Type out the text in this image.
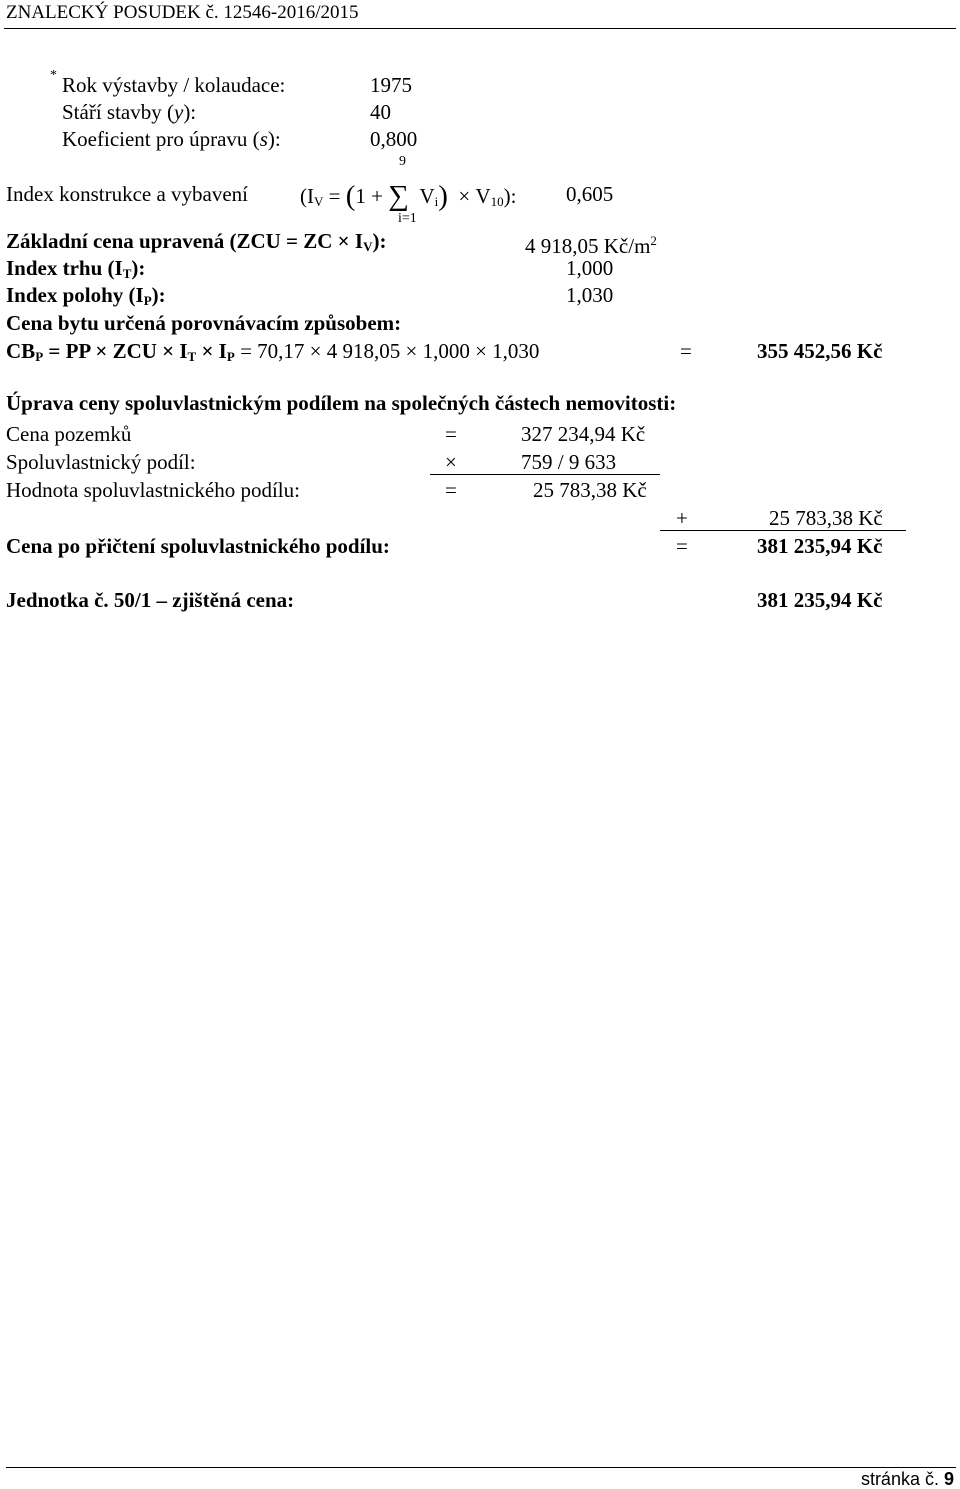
ZNALECKÝ POSUDEK č. 12546-2016/2015
* Rok výstavby / kolaudace:	1975
Stáří stavby (y):	40
Koeficient pro úpravu (s):	0,800
9
Index konstrukce a vybavení ($I_V = (1$ + ∑ $V_i) \times V_{10}$): 0,605
i=1
Základní cena upravená (ZCU = ZC × $I_V$):	4 918,05 $Kč/m^2$
Index trhu $(I_T)$:	1,000
Index polohy $(I_P)$:	1,030
Cena bytu určená porovnávacím způsobem:
$CB_P$ = PP × ZCU × $I_T \times I_P = 70,17 \times 4$ 918,05 × 1,000 × 1,030	=	355 452,56 Kč
Úprava ceny spoluvlastnickým podílem na společných částech nemovitosti:
Cena pozemků	=	327 234,94 Kč
Spoluvlastnický podíl:	×	759 / 9 633
Hodnota spoluvlastnického podílu:	=	25 783,38 Kč
+	25 783,38 Kč
Cena po přičtení spoluvlastnického podílu:	=	381 235,94 Kč
Jednotka č. 50/1 – zjištěná cena:	381 235,94 Kč
stránka č. 9
